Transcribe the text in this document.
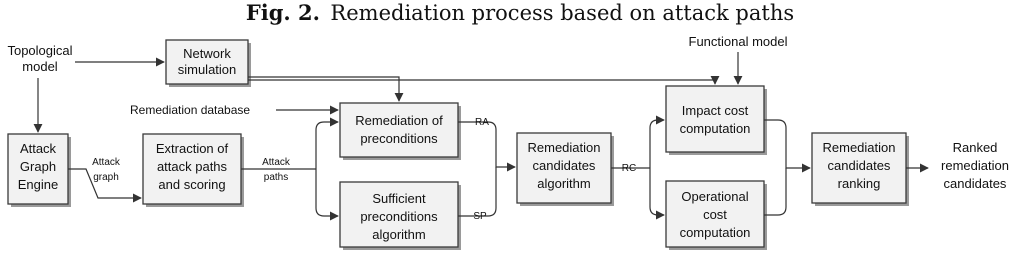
Fig. 2. Remediation process based on attack paths
Topological
model
Remediation database
Functional model
Network
simulation
Attack
Graph
Engine
Extraction of
attack paths
and scoring
Remediation of
preconditions
Sufficient
preconditions
algorithm
Remediation
candidates
algorithm
Impact cost
computation
Operational
cost
computation
Remediation
candidates
ranking
Ranked
remediation
candidates
Attack
graph
Attack
paths
RA
SP
RC
